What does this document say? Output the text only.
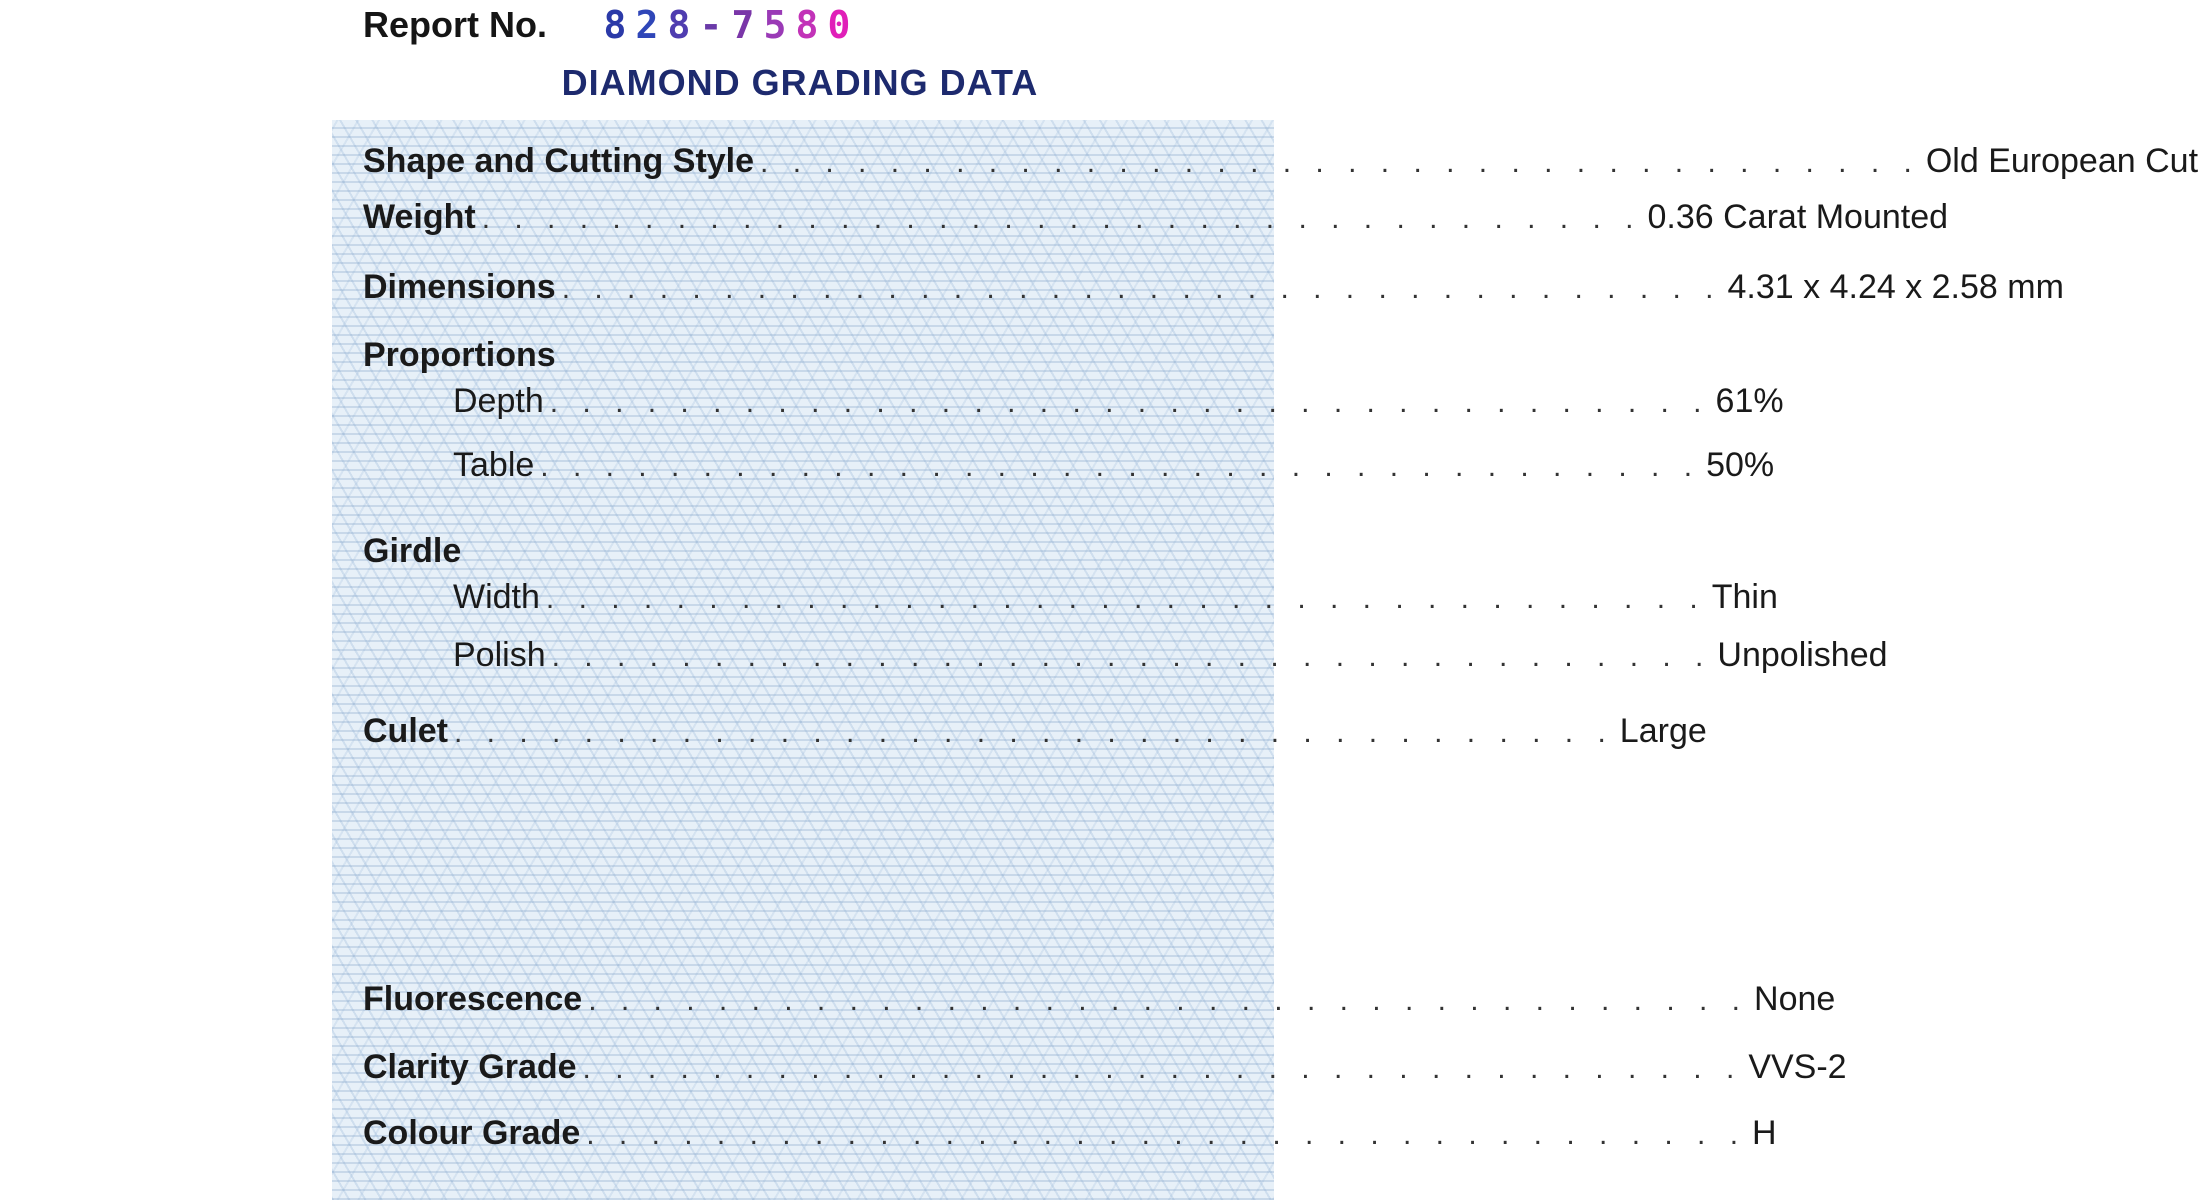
Report No. 8 2 8 - 7 5 8 0
DIAMOND GRADING DATA
Shape and Cutting Style . . . . . . . . . . . . . . . . . . . . . . . . . . . . . . . . . . . . Old European Cut
Weight . . . . . . . . . . . . . . . . . . . . . . . . . . . . . . . . . . . . 0.36 Carat Mounted
Dimensions . . . . . . . . . . . . . . . . . . . . . . . . . . . . . . . . . . . . 4.31 x 4.24 x 2.58 mm
Proportions
Depth . . . . . . . . . . . . . . . . . . . . . . . . . . . . . . . . . . . . 61%
Table . . . . . . . . . . . . . . . . . . . . . . . . . . . . . . . . . . . . 50%
Girdle
Width . . . . . . . . . . . . . . . . . . . . . . . . . . . . . . . . . . . . Thin
Polish . . . . . . . . . . . . . . . . . . . . . . . . . . . . . . . . . . . . Unpolished
Culet . . . . . . . . . . . . . . . . . . . . . . . . . . . . . . . . . . . . Large
Fluorescence . . . . . . . . . . . . . . . . . . . . . . . . . . . . . . . . . . . . None
Clarity Grade . . . . . . . . . . . . . . . . . . . . . . . . . . . . . . . . . . . . VVS-2
Colour Grade . . . . . . . . . . . . . . . . . . . . . . . . . . . . . . . . . . . . H
